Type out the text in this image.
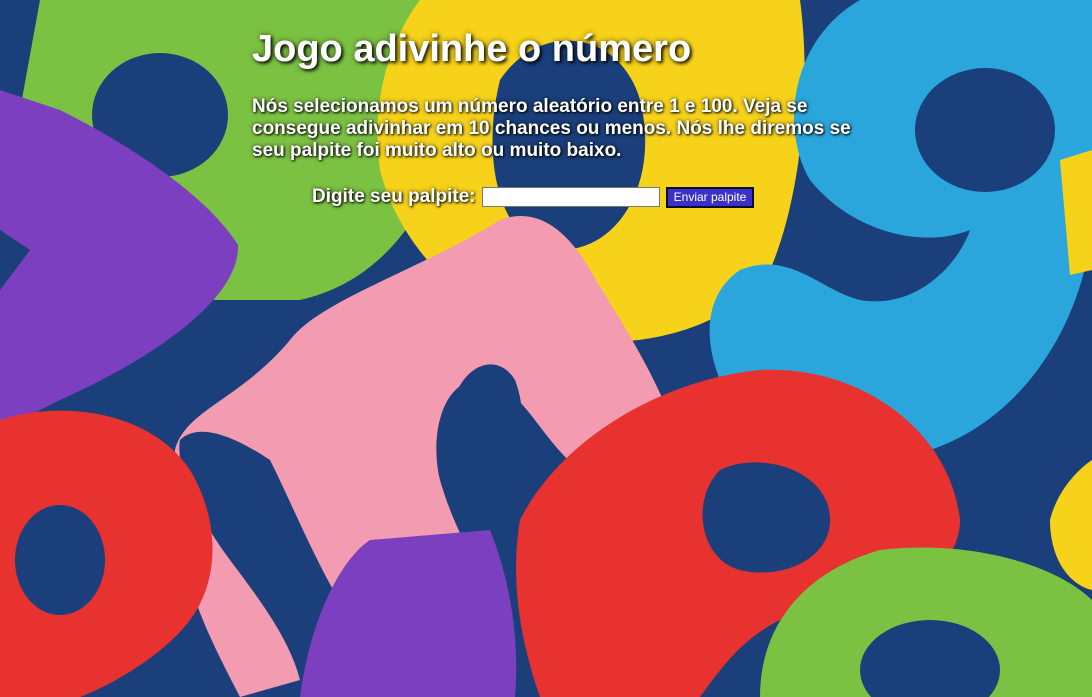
Jogo adivinhe o número

Nós selecionamos um número aleatório entre 1 e 100. Veja se consegue adivinhar em 10 chances ou menos. Nós lhe diremos se seu palpite foi muito alto ou muito baixo.

Digite seu palpite:	Enviar palpite
